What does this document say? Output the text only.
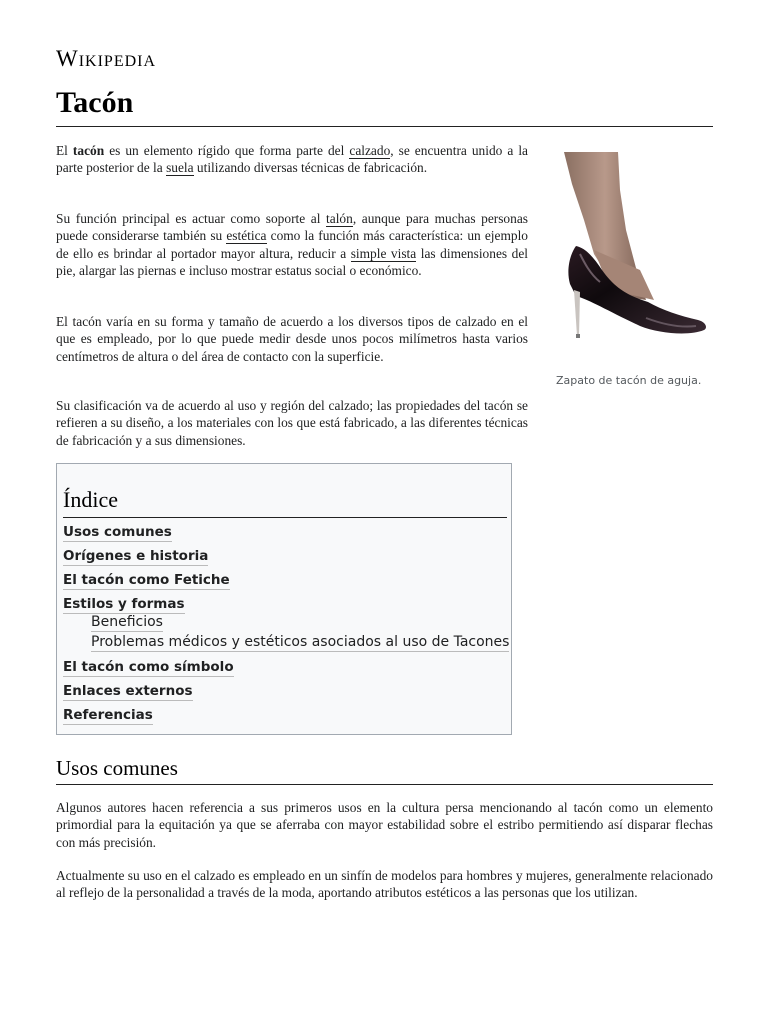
Wikipedia
Tacón
El tacón es un elemento rígido que forma parte del calzado, se encuentra unido a la parte posterior de la suela utilizando diversas técnicas de fabricación.
Su función principal es actuar como soporte al talón, aunque para muchas personas puede considerarse también su estética como la función más característica: un ejemplo de ello es brindar al portador mayor altura, reducir a simple vista las dimensiones del pie, alargar las piernas e incluso mostrar estatus social o económico.
El tacón varía en su forma y tamaño de acuerdo a los diversos tipos de calzado en el que es empleado, por lo que puede medir desde unos pocos milímetros hasta varios centímetros de altura o del área de contacto con la superficie.
Su clasificación va de acuerdo al uso y región del calzado; las propiedades del tacón se refieren a su diseño, a los materiales con los que está fabricado, a las diferentes técnicas de fabricación y a sus dimensiones.
Zapato de tacón de aguja.
Índice
Usos comunes
Orígenes e historia
El tacón como Fetiche
Estilos y formas
Beneficios
Problemas médicos y estéticos asociados al uso de Tacones
El tacón como símbolo
Enlaces externos
Referencias
Usos comunes
Algunos autores hacen referencia a sus primeros usos en la cultura persa mencionando al tacón como un elemento primordial para la equitación ya que se aferraba con mayor estabilidad sobre el estribo permitiendo así disparar flechas con más precisión.
Actualmente su uso en el calzado es empleado en un sinfín de modelos para hombres y mujeres, generalmente relacionado al reflejo de la personalidad a través de la moda, aportando atributos estéticos a las personas que los utilizan.
